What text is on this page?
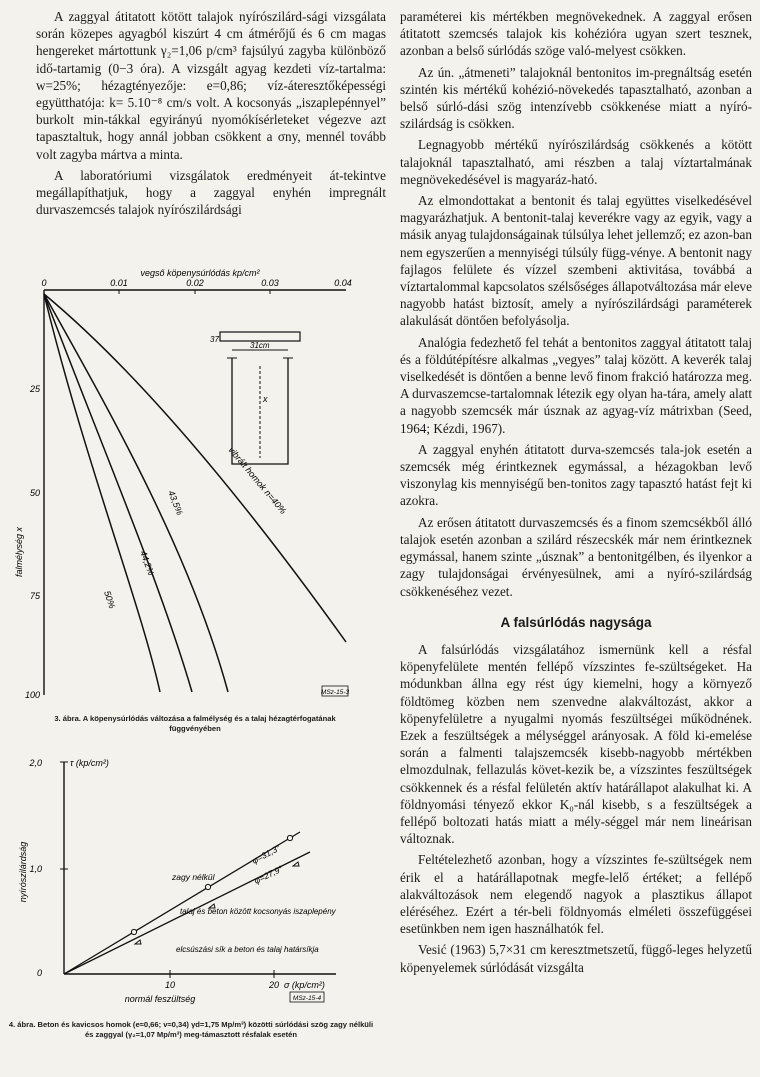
A zaggyal átitatott kötött talajok nyírószilárd-sági vizsgálata során közepes agyagból kiszúrt 4 cm átmérőjű és 6 cm magas hengereket mártottunk γ₂=1,06 p/cm³ fajsúlyú zagyba különböző idő-tartamig (0−3 óra). A vizsgált agyag kezdeti víz-tartalma: w=25%; hézagtényezője: e=0,86; víz-áteresztőképességi együtthatója: k= 5.10⁻⁸ cm/s volt. A kocsonyás „iszaplepénnyel” burkolt min-tákkal egyirányú nyomókísérleteket végezve azt tapasztaltuk, hogy annál jobban csökkent a σny, mennél tovább volt zagyba mártva a minta.

A laboratóriumi vizsgálatok eredményeit át-tekintve megállapíthatjuk, hogy a zaggyal enyhén impregnált durvaszemcsés talajok nyírószilárdsági

vegső köpenysúrlódás kp/cm²
0	0.01	0.02	0.03	0.04
25
50
75
100
falmélység x
50%
44,2%
43,5%	vibrált homok n=40%
31cm
37
x
MSz-15-3
3. ábra. A köpenysúrlódás változása a falmélység és a talaj hézagtérfogatának függvényében
τ (kp/cm²)
2,0
1,0
0
nyírószilárdság
10	20 σ (kp/cm²)
normál feszültség
φ=31,3°
φ=27,9°
zagy nélkül
talaj és beton között kocsonyás iszaplepény
elcsúszási sík a beton és talaj határsíkja
MSz-15-4
4. ábra. Beton és kavicsos homok (e≈0,66; v≈0,34) γd=1,75 Mp/m³) közötti súrlódási szög zagy nélküli és zaggyal (γ₂=1,07 Mp/m³) meg-támasztott résfalak esetén

paraméterei kis mértékben megnövekednek. A zaggyal erősen átitatott szemcsés talajok kis kohézióra ugyan szert tesznek, azonban a belső súrlódás szöge való-melyest csökken.

Az ún. „átmeneti” talajoknál bentonitos im-pregnáltság esetén szintén kis mértékű kohézió-növekedés tapasztalható, azonban a belső súrló-dási szög intenzívebb csökkenése miatt a nyíró-szilárdság is csökken.

Legnagyobb mértékű nyírószilárdság csökkenés a kötött talajoknál tapasztalható, ami részben a talaj víztartalmának megnövekedésével is magyaráz-ható.

Az elmondottakat a bentonit és talaj együttes viselkedésével magyarázhatjuk. A bentonit-talaj keverékre vagy az egyik, vagy a másik anyag tulajdonságainak túlsúlya lehet jellemző; ez azon-ban nem egyszerűen a mennyiségi túlsúly függ-vénye. A bentonit nagy fajlagos felülete és vízzel szembeni aktivitása, továbbá a víztartalommal kapcsolatos szélsőséges állapotváltozása már eleve nagyobb hatást biztosít, amely a nyírószilárdsági paraméterek alakulását döntően befolyásolja.

Analógia fedezhető fel tehát a bentonitos zaggyal átitatott talaj és a földútépítésre alkalmas „vegyes” talaj között. A keverék talaj viselkedését is döntően a benne levő finom frakció határozza meg. A durvaszemcse-tartalomnak létezik egy olyan ha-tára, amely alatt a nagyobb szemcsék már úsznak az agyag-víz mátrixban (Seed, 1964; Kézdi, 1967).

A zaggyal enyhén átitatott durva-szemcsés tala-jok esetén a szemcsék még érintkeznek egymással, a hézagokban levő viszonylag kis mennyiségű ben-tonitos zagy tapasztó hatást fejt ki azokra.

Az erősen átitatott durvaszemcsés és a finom szemcsékből álló talajok esetén azonban a szilárd részecskék már nem érintkeznek egymással, hanem szinte „úsznak” a bentonitgélben, és ilyenkor a zagy tulajdonságai érvényesülnek, ami a nyíró-szilárdság csökkenéséhez vezet.

A falsúrlódás nagysága

A falsúrlódás vizsgálatához ismernünk kell a résfal köpenyfelülete mentén fellépő vízszintes fe-szültségeket. Ha módunkban állna egy rést úgy kiemelni, hogy a környező földtömeg közben nem szenvedne alakváltozást, akkor a köpenyfelületre a nyugalmi nyomás feszültségei működnének. Ezek a feszültségek a mélységgel arányosak. A föld ki-emelése során a falmenti talajszemcsék kisebb-nagyobb mértékben elmozdulnak, fellazulás követ-kezik be, a vízszintes feszültségek csökkennek és a résfal felületén aktív határállapot alakulhat ki. A földnyomási tényező ekkor K₀-nál kisebb, s a feszültségek a fellépő boltozati hatás miatt a mély-séggel már nem lineárisan változnak.

Feltételezhető azonban, hogy a vízszintes fe-szültségek nem érik el a határállapotnak megfe-lelő értéket; a fellépő alakváltozások nem elegendő nagyok a plasztikus állapot eléréséhez. Ezért a tér-beli földnyomás elméleti összefüggései esetünkben nem igen használhatók fel.

Vesić (1963) 5,7×31 cm keresztmetszetű, függő-leges helyzetű köpenyelemek súrlódását vizsgálta
